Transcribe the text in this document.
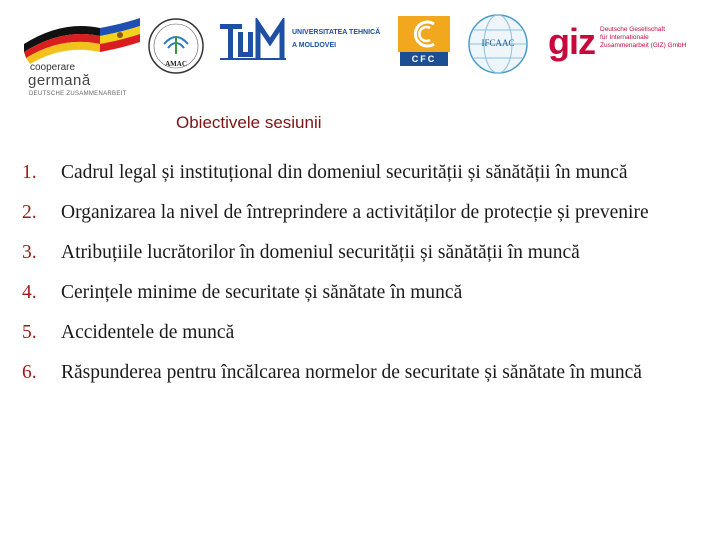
cooperare
germană
DEUTSCHE ZUSAMMENARBEIT
AMAC
UNIVERSITATEA TEHNICĂ
A MOLDOVEI
CFC
IFCAAC giz Deutsche Gesellschaft
für Internationale
Zusammenarbeit (GIZ) GmbH
Obiectivele sesiunii
1. Cadrul legal și instituțional din domeniul securității și sănătății în muncă
2. Organizarea la nivel de întreprindere a activităților de protecție și prevenire
3. Atribuțiile lucrătorilor în domeniul securității și sănătății în muncă
4. Cerințele minime de securitate și sănătate în muncă
5. Accidentele de muncă
6. Răspunderea pentru încălcarea normelor de securitate și sănătate în muncă
